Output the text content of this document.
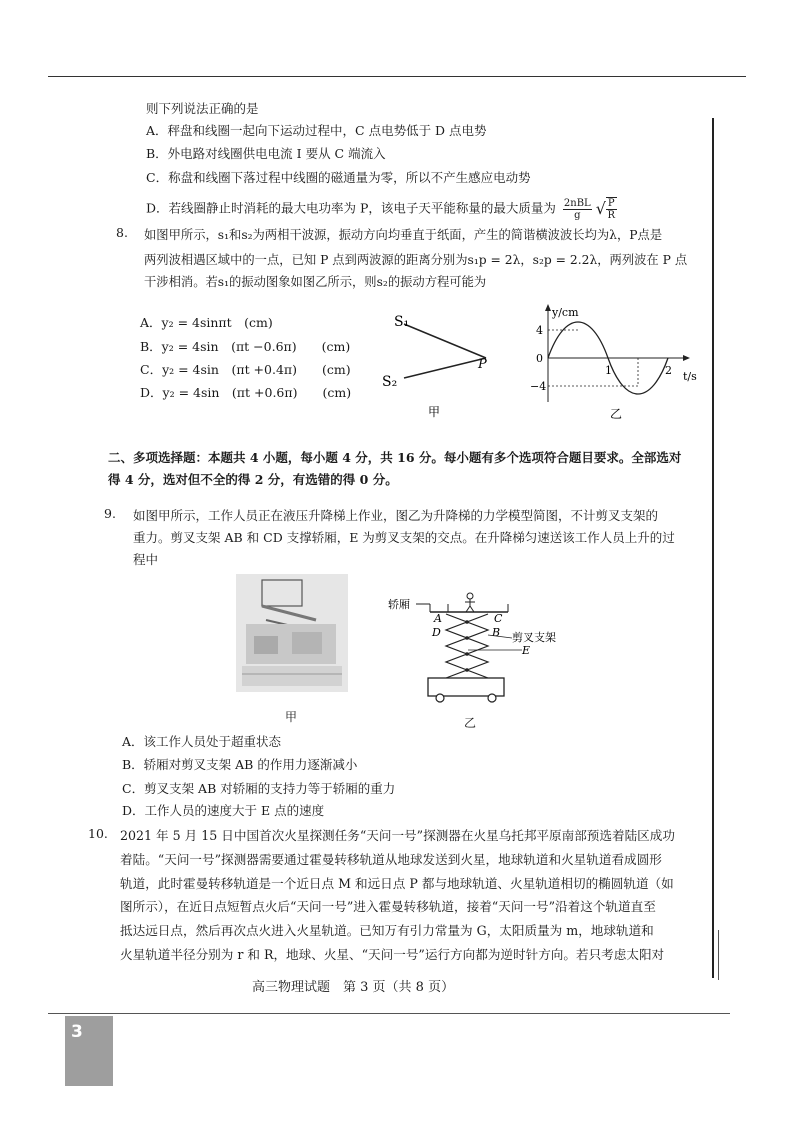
则下列说法正确的是
A．秤盘和线圈一起向下运动过程中，C 点电势低于 D 点电势
B．外电路对线圈供电电流 I 要从 C 端流入
C．称盘和线圈下落过程中线圈的磁通量为零，所以不产生感应电动势
D．若线圈静止时消耗的最大电功率为 P，该电子天平能称量的最大质量为 2nBL
g √ $\frac{P}{R}$
8. 如图甲所示，s₁和s₂为两相干波源，振动方向均垂直于纸面，产生的简谐横波波长均为λ，P点是
两列波相遇区域中的一点，已知 P 点到两波源的距离分别为s₁p = 2λ，s₂p = 2.2λ，两列波在 P 点
干涉相消。若s₁的振动图象如图乙所示，则s₂的振动方程可能为
A．y₂ = 4sinπt　(cm)
B．y₂ = 4sin　(πt −0.6π)　　(cm)
C．y₂ = 4sin　(πt +0.4π)　　(cm)
D．y₂ = 4sin　(πt +0.6π)　　(cm)
S₁
S₂
P
甲
y/cm
t/s
4
0
−4
1	2
乙
二、多项选择题：本题共 4 小题，每小题 4 分，共 16 分。每小题有多个选项符合题目要求。全部选对
得 4 分，选对但不全的得 2 分，有选错的得 0 分。
9. 如图甲所示，工作人员正在液压升降梯上作业，图乙为升降梯的力学模型简图，不计剪叉支架的
重力。剪叉支架 AB 和 CD 支撑轿厢，E 为剪叉支架的交点。在升降梯匀速送该工作人员上升的过
程中
甲
轿厢
A	C
D	B 剪叉支架
E
乙
A．该工作人员处于超重状态
B．轿厢对剪叉支架 AB 的作用力逐渐减小
C．剪叉支架 AB 对轿厢的支持力等于轿厢的重力
D．工作人员的速度大于 E 点的速度
10. 2021 年 5 月 15 日中国首次火星探测任务“天问一号”探测器在火星乌托邦平原南部预选着陆区成功
着陆。“天问一号”探测器需要通过霍曼转移轨道从地球发送到火星，地球轨道和火星轨道看成圆形
轨道，此时霍曼转移轨道是一个近日点 M 和远日点 P 都与地球轨道、火星轨道相切的椭圆轨道（如
图所示），在近日点短暂点火后“天问一号”进入霍曼转移轨道，接着“天问一号”沿着这个轨道直至
抵达远日点，然后再次点火进入火星轨道。已知万有引力常量为 G，太阳质量为 m，地球轨道和
火星轨道半径分别为 r 和 R，地球、火星、“天问一号”运行方向都为逆时针方向。若只考虑太阳对
高三物理试题　第 3 页（共 8 页）
3
